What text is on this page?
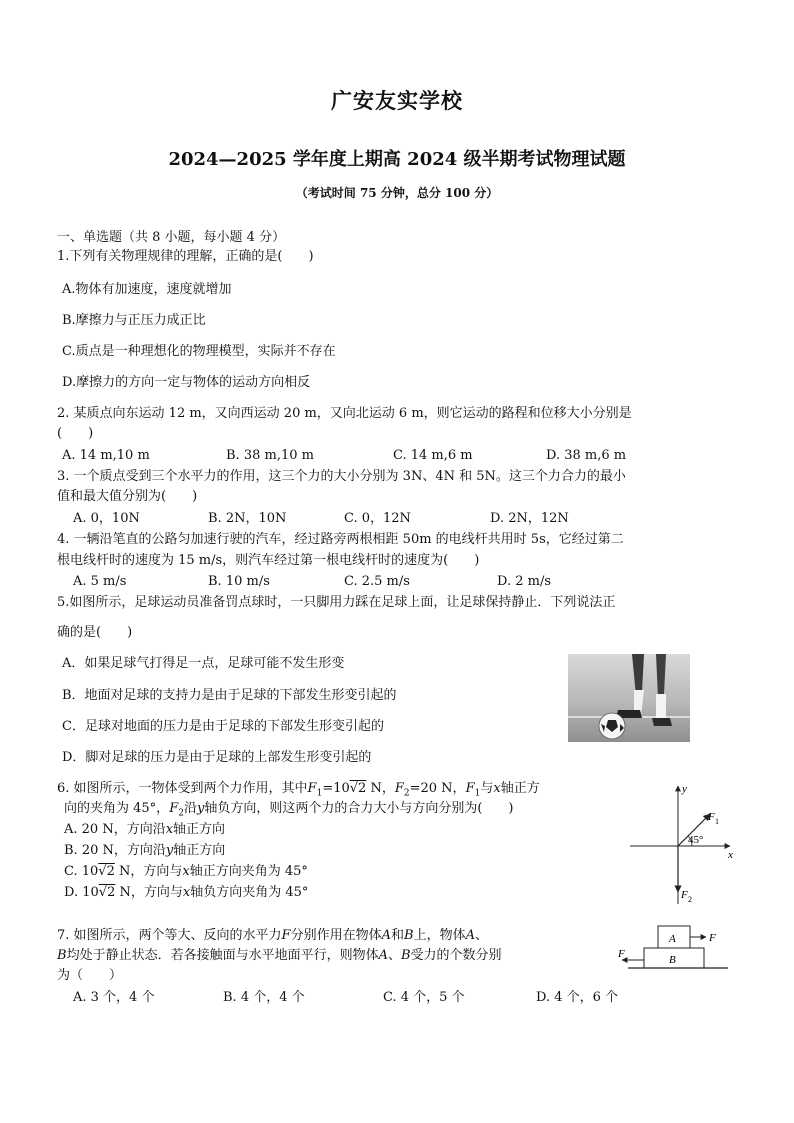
广安友实学校
2024—2025 学年度上期高 2024 级半期考试物理试题
（考试时间 75 分钟，总分 100 分）
一、单选题（共 8 小题，每小题 4 分）
1.下列有关物理规律的理解，正确的是(　　)
A.物体有加速度，速度就增加
B.摩擦力与正压力成正比
C.质点是一种理想化的物理模型，实际并不存在
D.摩擦力的方向一定与物体的运动方向相反
2. 某质点向东运动 12 m，又向西运动 20 m，又向北运动 6 m，则它运动的路程和位移大小分别是
(　　)
A. 14 m,10 m	B. 38 m,10 m	C. 14 m,6 m	D. 38 m,6 m
3. 一个质点受到三个水平力的作用，这三个力的大小分别为 3N、4N 和 5N。这三个力合力的最小
值和最大值分别为(　　)
A. 0，10N	B. 2N，10N	C. 0，12N	D. 2N，12N
4. 一辆沿笔直的公路匀加速行驶的汽车，经过路旁两根相距 50m 的电线杆共用时 5s，它经过第二
根电线杆时的速度为 15 m/s，则汽车经过第一根电线杆时的速度为(　　)
A. 5 m/s	B. 10 m/s	C. 2.5 m/s	D. 2 m/s
5.如图所示，足球运动员准备罚点球时，一只脚用力踩在足球上面，让足球保持静止．下列说法正
确的是(　　)
A．如果足球气打得足一点，足球可能不发生形变
B．地面对足球的支持力是由于足球的下部发生形变引起的
C．足球对地面的压力是由于足球的下部发生形变引起的
D．脚对足球的压力是由于足球的上部发生形变引起的
6. 如图所示，一物体受到两个力作用，其中$F_1=10√2$ N，$F_2=20$ N，$F_1$与x轴正方
向的夹角为 45°，$F_2$沿y轴负方向，则这两个力的合力大小与方向分别为(　　)
A. 20 N，方向沿x轴正方向
B. 20 N，方向沿y轴正方向
C. 10√2 N，方向与x轴正方向夹角为 45°
D. 10√2 N，方向与x轴负方向夹角为 45°
y
x
F 1
F 2
45°
7. 如图所示，两个等大、反向的水平力F分别作用在物体A和B上，物体A、
B均处于静止状态．若各接触面与水平地面平行，则物体A、B受力的个数分别
为（　　）
A. 3 个，4 个	B. 4 个，4 个	C. 4 个，5 个	D. 4 个，6 个
A
B
F
F
